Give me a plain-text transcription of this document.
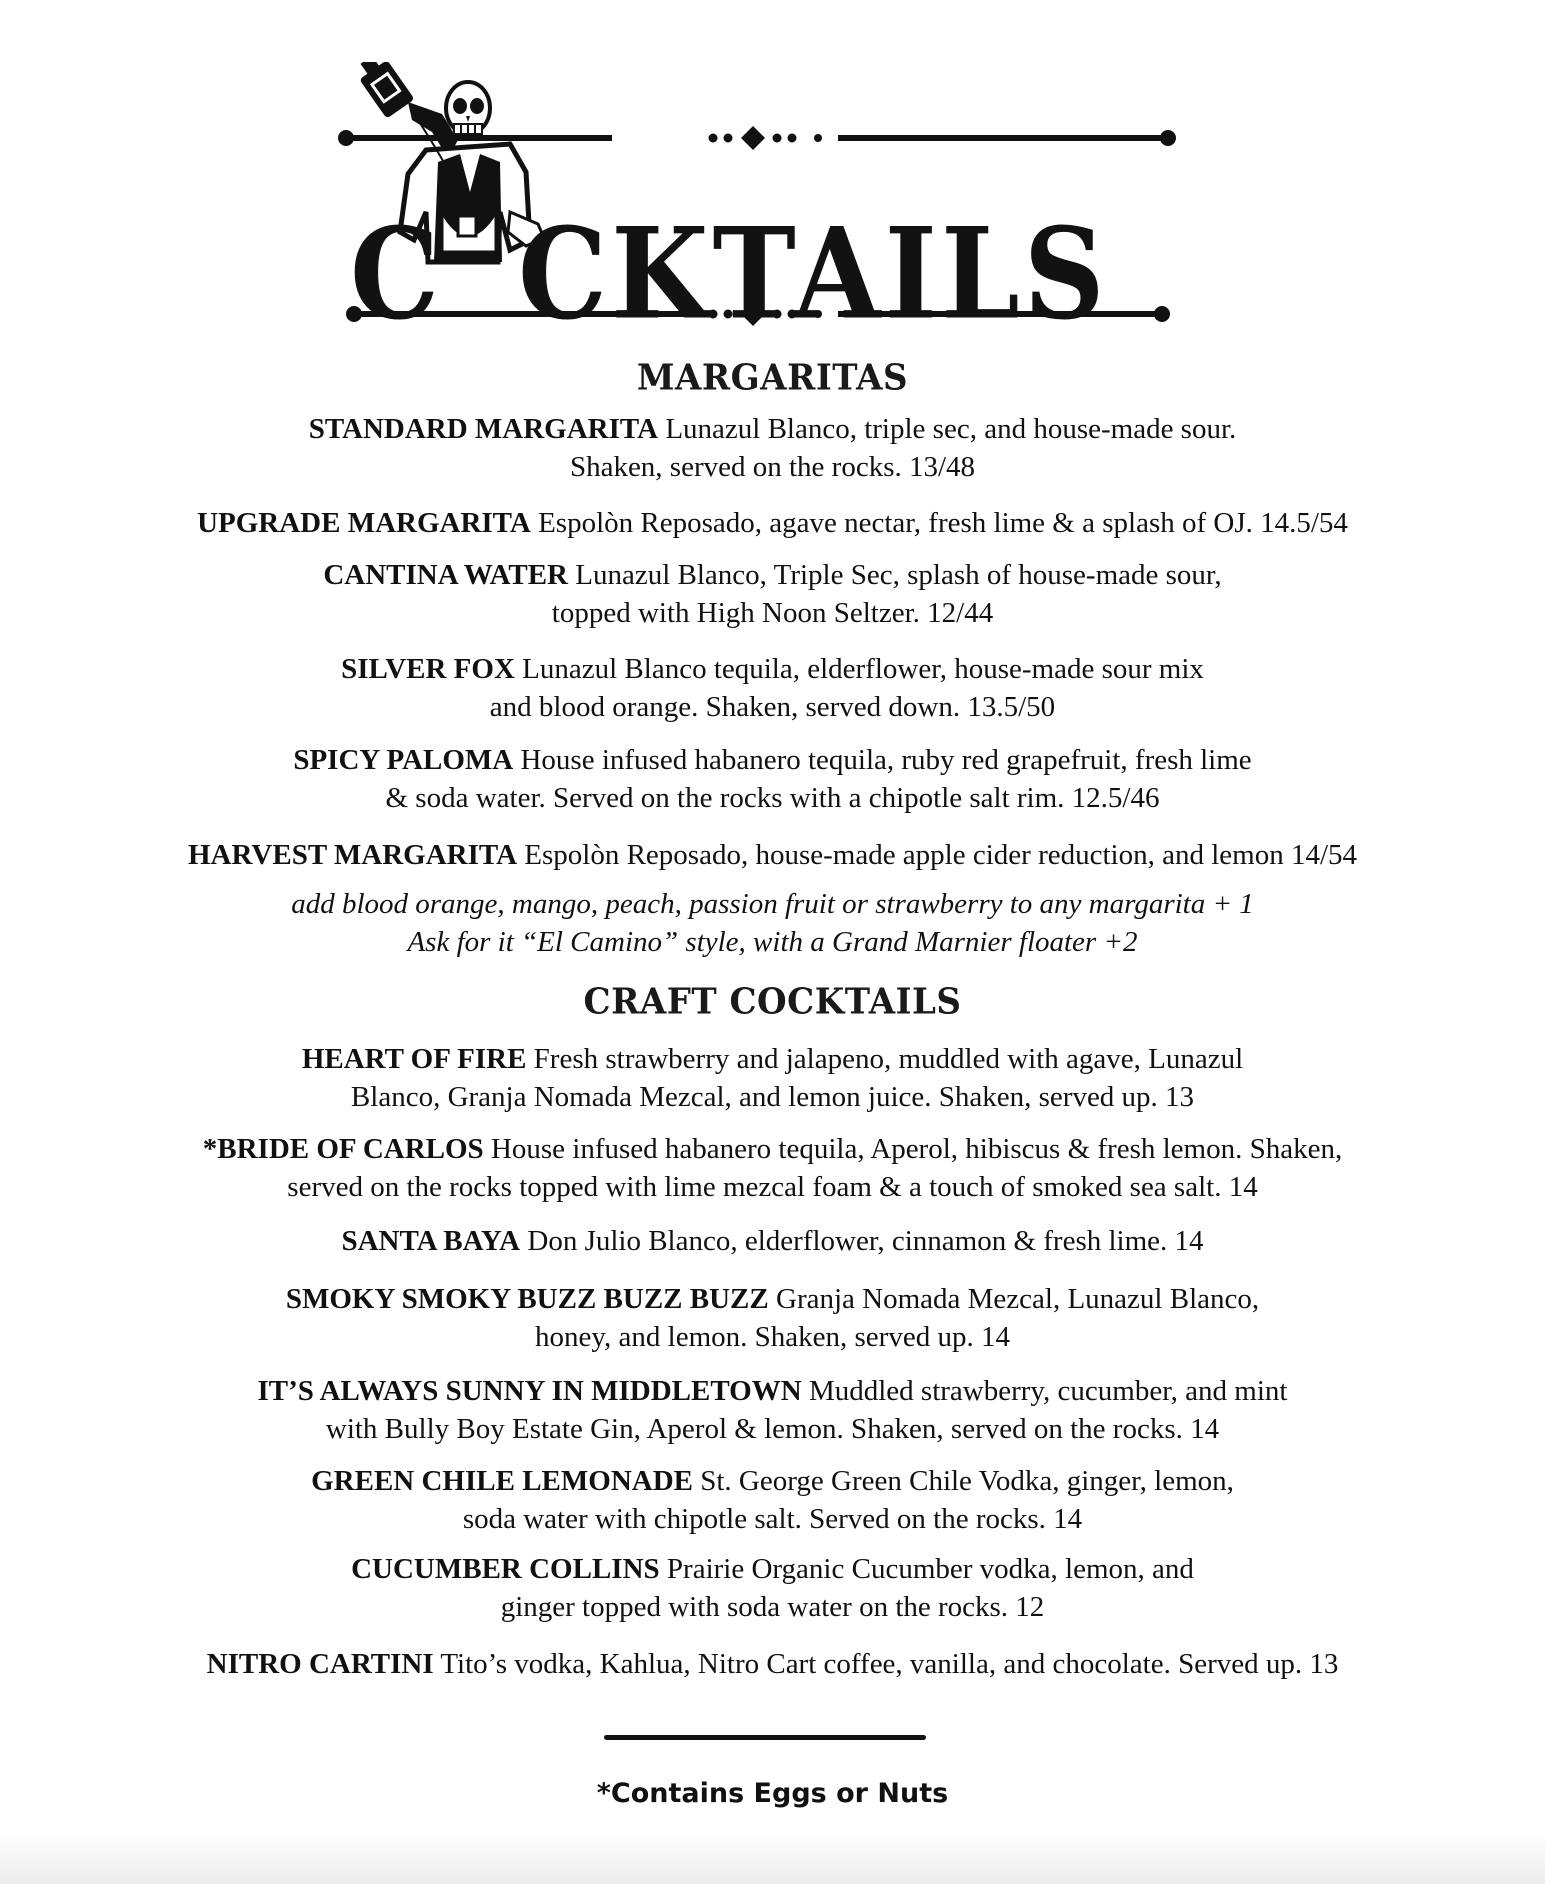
C CKTAILS
MARGARITAS
STANDARD MARGARITA Lunazul Blanco, triple sec, and house-made sour.
Shaken, served on the rocks. 13/48
UPGRADE MARGARITA Espolòn Reposado, agave nectar, fresh lime & a splash of OJ. 14.5/54
CANTINA WATER Lunazul Blanco, Triple Sec, splash of house-made sour,
topped with High Noon Seltzer. 12/44
SILVER FOX Lunazul Blanco tequila, elderflower, house-made sour mix
and blood orange. Shaken, served down. 13.5/50
SPICY PALOMA House infused habanero tequila, ruby red grapefruit, fresh lime
& soda water. Served on the rocks with a chipotle salt rim. 12.5/46
HARVEST MARGARITA Espolòn Reposado, house-made apple cider reduction, and lemon 14/54
add blood orange, mango, peach, passion fruit or strawberry to any margarita + 1
Ask for it “El Camino” style, with a Grand Marnier floater +2
CRAFT COCKTAILS
HEART OF FIRE Fresh strawberry and jalapeno, muddled with agave, Lunazul
Blanco, Granja Nomada Mezcal, and lemon juice. Shaken, served up. 13
*BRIDE OF CARLOS House infused habanero tequila, Aperol, hibiscus & fresh lemon. Shaken,
served on the rocks topped with lime mezcal foam & a touch of smoked sea salt. 14
SANTA BAYA Don Julio Blanco, elderflower, cinnamon & fresh lime. 14
SMOKY SMOKY BUZZ BUZZ BUZZ Granja Nomada Mezcal, Lunazul Blanco,
honey, and lemon. Shaken, served up. 14
IT’S ALWAYS SUNNY IN MIDDLETOWN Muddled strawberry, cucumber, and mint
with Bully Boy Estate Gin, Aperol & lemon. Shaken, served on the rocks. 14
GREEN CHILE LEMONADE St. George Green Chile Vodka, ginger, lemon,
soda water with chipotle salt. Served on the rocks. 14
CUCUMBER COLLINS Prairie Organic Cucumber vodka, lemon, and
ginger topped with soda water on the rocks. 12
NITRO CARTINI Tito’s vodka, Kahlua, Nitro Cart coffee, vanilla, and chocolate. Served up. 13
*Contains Eggs or Nuts
